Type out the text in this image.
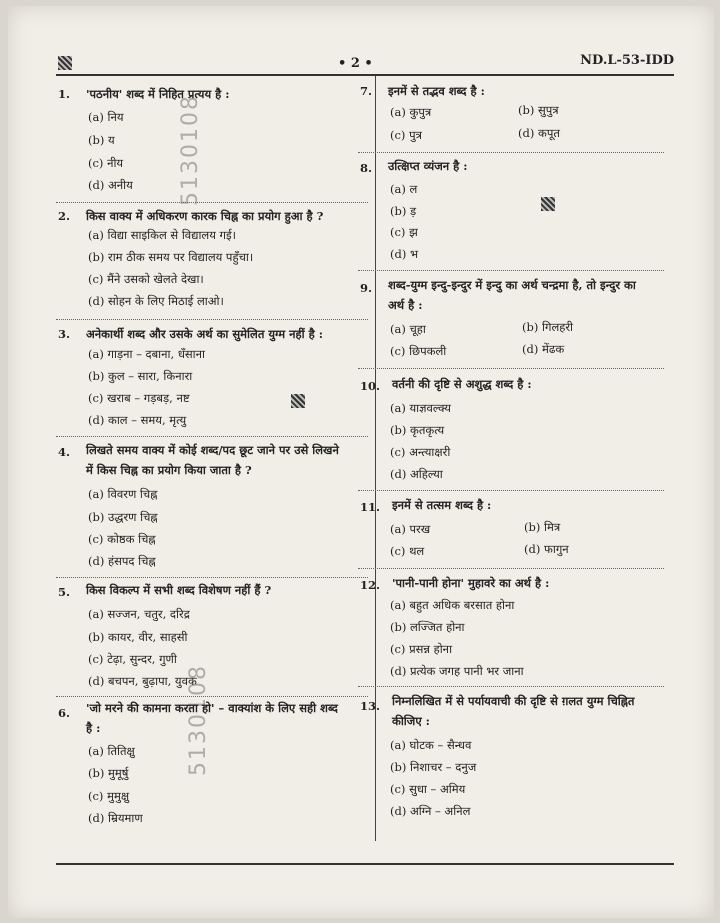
• 2 •	ND.L-53-IDD
5130108
5130108
1. 'पठनीय' शब्द में निहित प्रत्यय है :
(a) निय
(b) य
(c) नीय
(d) अनीय
2. किस वाक्य में अधिकरण कारक चिह्न का प्रयोग हुआ है ?
(a) विद्या साइकिल से विद्यालय गई।
(b) राम ठीक समय पर विद्यालय पहुँचा।
(c) मैंने उसको खेलते देखा।
(d) सोहन के लिए मिठाई लाओ।
3. अनेकार्थी शब्द और उसके अर्थ का सुमेलित युग्म नहीं है :
(a) गाड़ना – दबाना, धँसाना
(b) कुल – सारा, किनारा
(c) खराब – गड़बड़, नष्ट
(d) काल – समय, मृत्यु
4. लिखते समय वाक्य में कोई शब्द/पद छूट जाने पर उसे लिखने
में किस चिह्न का प्रयोग किया जाता है ?
(a) विवरण चिह्न
(b) उद्धरण चिह्न
(c) कोष्ठक चिह्न
(d) हंसपद चिह्न
5. किस विकल्प में सभी शब्द विशेषण नहीं हैं ?
(a) सज्जन, चतुर, दरिद्र
(b) कायर, वीर, साहसी
(c) टेढ़ा, सुन्दर, गुणी
(d) बचपन, बुढ़ापा, युवक
6. 'जो मरने की कामना करता हो' – वाक्यांश के लिए सही शब्द
है :
(a) तितिक्षु
(b) मुमूर्षु
(c) मुमुक्षु
(d) म्रियमाण
7. इनमें से तद्भव शब्द है :
(a) कुपुत्र	(b) सुपुत्र
(c) पुत्र	(d) कपूत
8. उत्क्षिप्त व्यंजन है :
(a) ल
(b) ड़
(c) झ
(d) भ
9. शब्द-युग्म इन्दु-इन्दुर में इन्दु का अर्थ चन्द्रमा है, तो इन्दुर का
अर्थ है :
(a) चूहा	(b) गिलहरी
(c) छिपकली	(d) मेंढक
10. वर्तनी की दृष्टि से अशुद्ध शब्द है :
(a) याज्ञवल्क्य
(b) कृतकृत्य
(c) अन्त्याक्षरी
(d) अहिल्या
11. इनमें से तत्सम शब्द है :
(a) परख	(b) मित्र
(c) थल	(d) फागुन
12. 'पानी-पानी होना' मुहावरे का अर्थ है :
(a) बहुत अधिक बरसात होना
(b) लज्जित होना
(c) प्रसन्न होना
(d) प्रत्येक जगह पानी भर जाना
13. निम्नलिखित में से पर्यायवाची की दृष्टि से ग़लत युग्म चिह्नित
कीजिए :
(a) घोटक – सैन्धव
(b) निशाचर – दनुज
(c) सुधा – अमिय
(d) अग्नि – अनिल
